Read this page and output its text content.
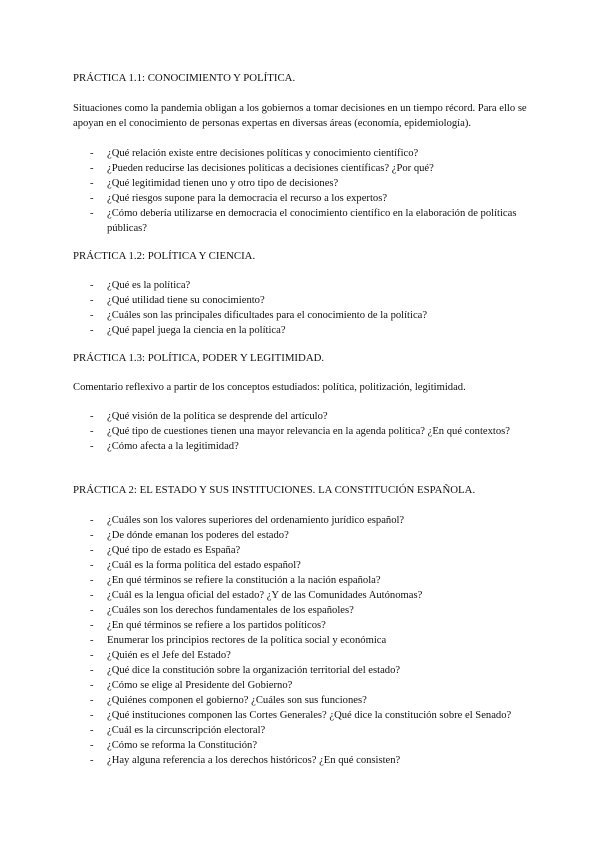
PRÁCTICA 1.1: CONOCIMIENTO Y POLÍTICA.

Situaciones como la pandemia obligan a los gobiernos a tomar decisiones en un tiempo récord. Para ello se apoyan en el conocimiento de personas expertas en diversas áreas (economía, epidemiología).

- ¿Qué relación existe entre decisiones políticas y conocimiento científico?
- ¿Pueden reducirse las decisiones políticas a decisiones científicas? ¿Por qué?
- ¿Qué legitimidad tienen uno y otro tipo de decisiones?
- ¿Qué riesgos supone para la democracia el recurso a los expertos?
- ¿Cómo debería utilizarse en democracia el conocimiento científico en la elaboración de políticas públicas?
PRÁCTICA 1.2: POLÍTICA Y CIENCIA.
- ¿Qué es la política?
- ¿Qué utilidad tiene su conocimiento?
- ¿Cuáles son las principales dificultades para el conocimiento de la política?
- ¿Qué papel juega la ciencia en la política?
PRÁCTICA 1.3: POLÍTICA, PODER Y LEGITIMIDAD.

Comentario reflexivo a partir de los conceptos estudiados: política, politización, legitimidad.

- ¿Qué visión de la política se desprende del artículo?
- ¿Qué tipo de cuestiones tienen una mayor relevancia en la agenda política? ¿En qué contextos?
- ¿Cómo afecta a la legitimidad?
PRÁCTICA 2: EL ESTADO Y SUS INSTITUCIONES. LA CONSTITUCIÓN ESPAÑOLA.
- ¿Cuáles son los valores superiores del ordenamiento jurídico español?
- ¿De dónde emanan los poderes del estado?
- ¿Qué tipo de estado es España?
- ¿Cuál es la forma política del estado español?
- ¿En qué términos se refiere la constitución a la nación española?
- ¿Cuál es la lengua oficial del estado? ¿Y de las Comunidades Autónomas?
- ¿Cuáles son los derechos fundamentales de los españoles?
- ¿En qué términos se refiere a los partidos políticos?
- Enumerar los principios rectores de la política social y económica
- ¿Quién es el Jefe del Estado?
- ¿Qué dice la constitución sobre la organización territorial del estado?
- ¿Cómo se elige al Presidente del Gobierno?
- ¿Quiénes componen el gobierno? ¿Cuáles son sus funciones?
- ¿Qué instituciones componen las Cortes Generales? ¿Qué dice la constitución sobre el Senado?
- ¿Cuál es la circunscripción electoral?
- ¿Cómo se reforma la Constitución?
- ¿Hay alguna referencia a los derechos históricos? ¿En qué consisten?
